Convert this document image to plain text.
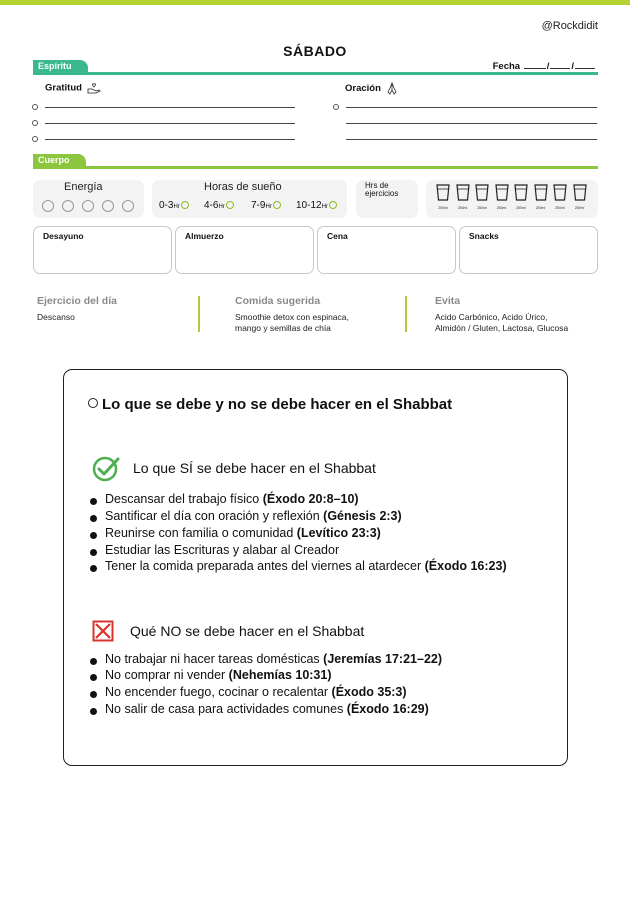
@Rockdidit
SÁBADO
Espíritu	Fecha	/ /
Gratitud	Oración
Cuerpo
Energía	Horas de sueño
0-3Hr	4-6Hr	7-9Hr	10-12Hr
Hrs de
ejercicios
250ml	250ml	250ml	250ml	250ml	250ml	250ml	250ml
Desayuno	Almuerzo	Cena	Snacks
Ejercicio del día
Descanso
Comida sugerida
Smoothie detox con espinaca,
mango y semillas de chía
Evita
Acido Carbónico, Acido Úrico,
Almidón / Gluten, Lactosa, Glucosa
Lo que se debe y no se debe hacer en el Shabbat
Lo que SÍ se debe hacer en el Shabbat
Descansar del trabajo físico (Éxodo 20:8–10)
Santificar el día con oración y reflexión (Génesis 2:3)
Reunirse con familia o comunidad (Levítico 23:3)
Estudiar las Escrituras y alabar al Creador
Tener la comida preparada antes del viernes al atardecer (Éxodo 16:23)
Qué NO se debe hacer en el Shabbat
No trabajar ni hacer tareas domésticas (Jeremías 17:21–22)
No comprar ni vender (Nehemías 10:31)
No encender fuego, cocinar o recalentar (Éxodo 35:3)
No salir de casa para actividades comunes (Éxodo 16:29)
